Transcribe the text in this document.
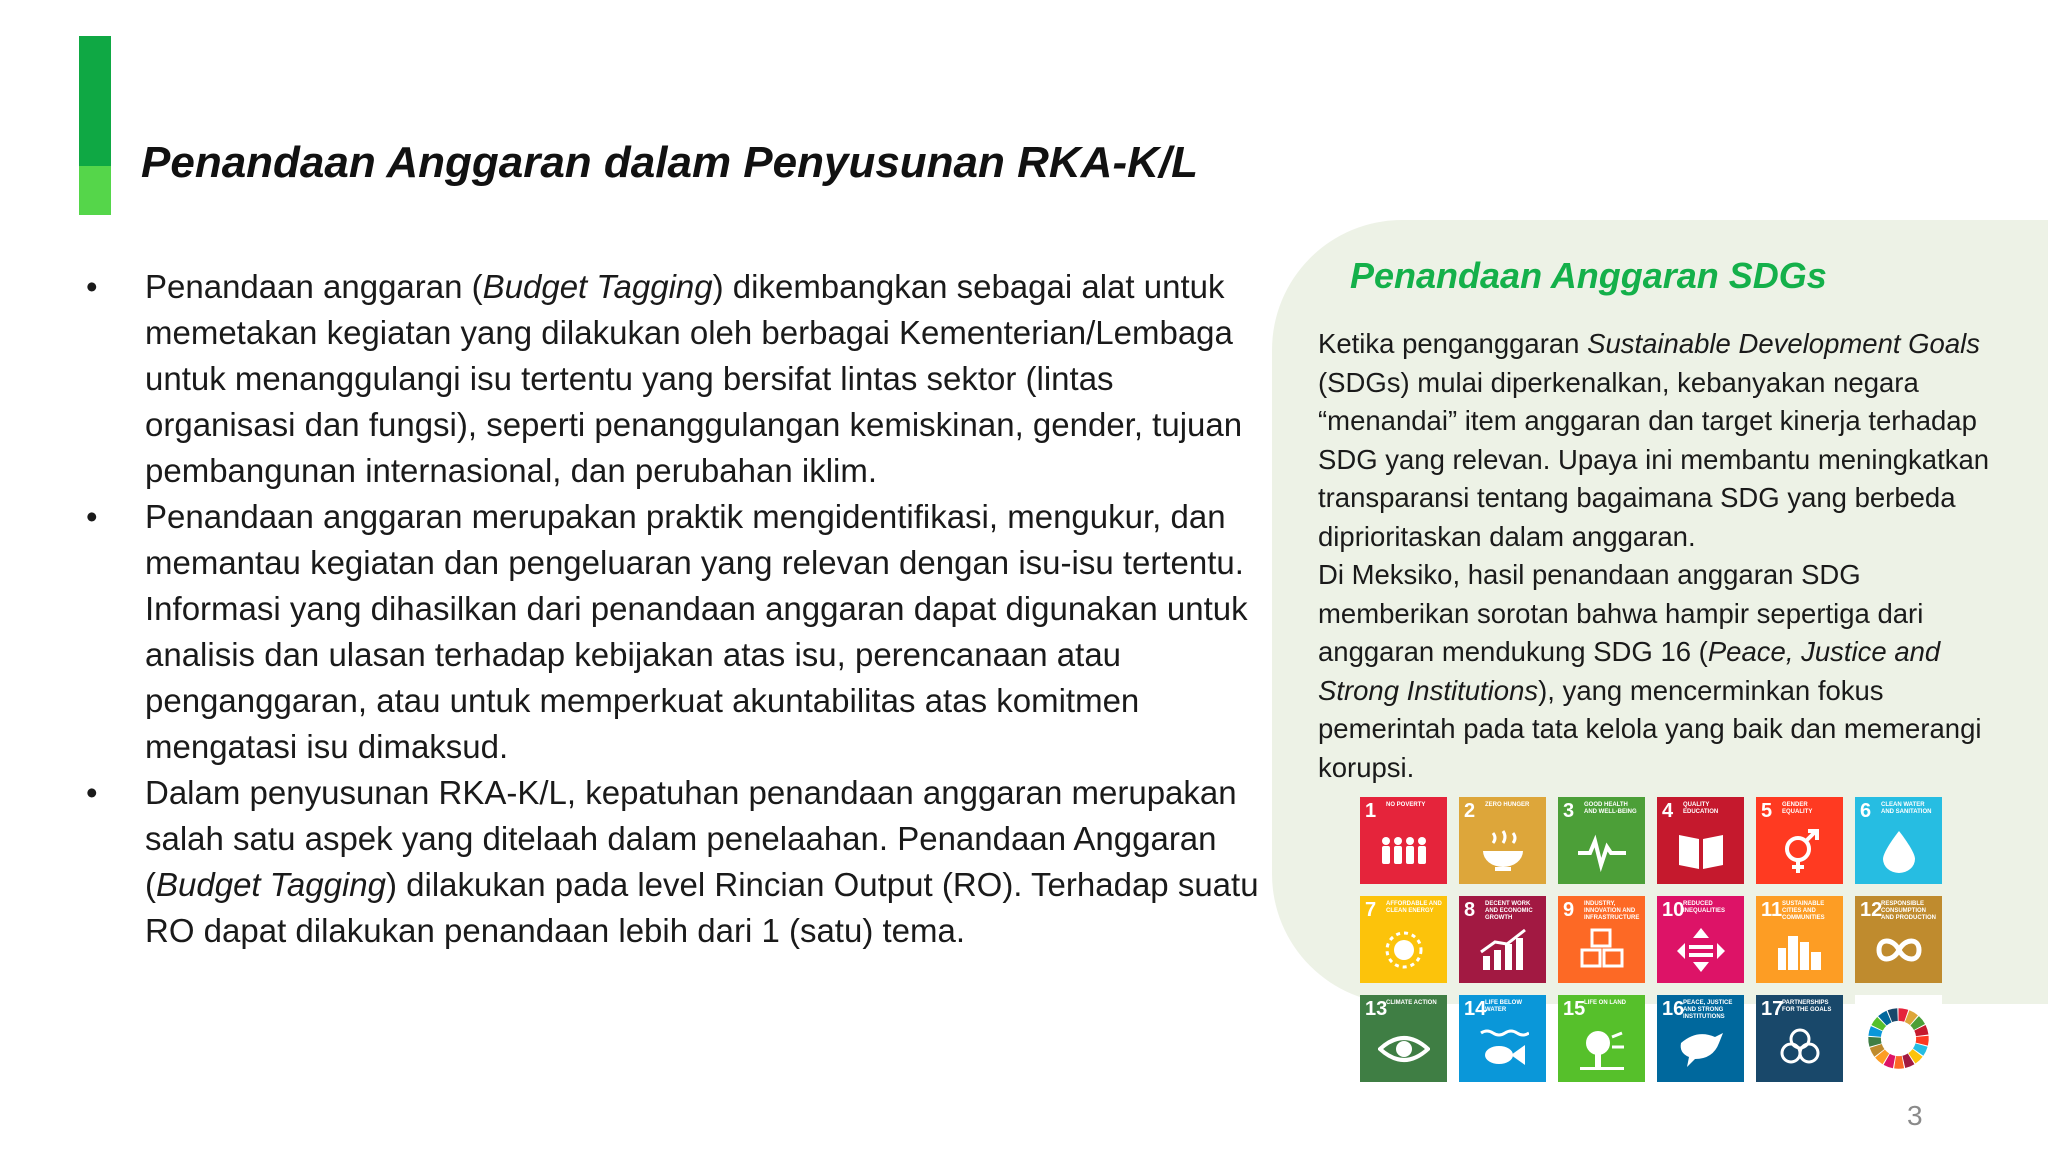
Penandaan Anggaran dalam Penyusunan RKA-K/L
• Penandaan anggaran (Budget Tagging) dikembangkan sebagai alat untuk memetakan kegiatan yang dilakukan oleh berbagai Kementerian/Lembaga untuk menanggulangi isu tertentu yang bersifat lintas sektor (lintas organisasi dan fungsi), seperti penanggulangan kemiskinan, gender, tujuan pembangunan internasional, dan perubahan iklim.
• Penandaan anggaran merupakan praktik mengidentifikasi, mengukur, dan memantau kegiatan dan pengeluaran yang relevan dengan isu-isu tertentu. Informasi yang dihasilkan dari penandaan anggaran dapat digunakan untuk analisis dan ulasan terhadap kebijakan atas isu, perencanaan atau penganggaran, atau untuk memperkuat akuntabilitas atas komitmen mengatasi isu dimaksud.
• Dalam penyusunan RKA-K/L, kepatuhan penandaan anggaran merupakan salah satu aspek yang ditelaah dalam penelaahan. Penandaan Anggaran (Budget Tagging) dilakukan pada level Rincian Output (RO). Terhadap suatu RO dapat dilakukan penandaan lebih dari 1 (satu) tema.
Penandaan Anggaran SDGs
Ketika penganggaran Sustainable Development Goals (SDGs) mulai diperkenalkan, kebanyakan negara “menandai” item anggaran dan target kinerja terhadap SDG yang relevan. Upaya ini membantu meningkatkan transparansi tentang bagaimana SDG yang berbeda diprioritaskan dalam anggaran.
Di Meksiko, hasil penandaan anggaran SDG memberikan sorotan bahwa hampir sepertiga dari anggaran mendukung SDG 16 (Peace, Justice and Strong Institutions), yang mencerminkan fokus pemerintah pada tata kelola yang baik dan memerangi korupsi.
1 NO POVERTY	2 ZERO HUNGER	3 GOOD HEALTH AND WELL-BEING 4 QUALITY EDUCATION	5 GENDER EQUALITY	6 CLEAN WATER AND SANITATION
7 AFFORDABLE AND CLEAN ENERGY	8 DECENT WORK AND ECONOMIC GROWTH	9 INDUSTRY, INNOVATION AND INFRASTRUCTURE 10
REDUCED INEQUALITIES	11 SUSTAINABLE CITIES AND COMMUNITIES	12
RESPONSIBLE CONSUMPTION AND PRODUCTION
13
CLIMATE ACTION 14
LIFE BELOW WATER	15
LIFE ON LAND	16
PEACE, JUSTICE AND STRONG INSTITUTIONS	17
PARTNERSHIPS FOR THE GOALS
3
